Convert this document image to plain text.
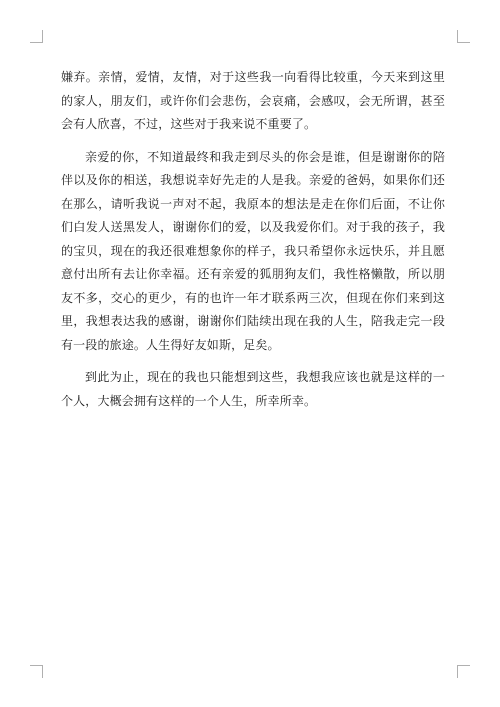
嫌弃。亲情，爱情，友情，对于这些我一向看得比较重，今天来到这里的家人，朋友们，或许你们会悲伤，会哀痛，会感叹，会无所谓，甚至会有人欣喜，不过，这些对于我来说不重要了。

亲爱的你，不知道最终和我走到尽头的你会是谁，但是谢谢你的陪伴以及你的相送，我想说幸好先走的人是我。亲爱的爸妈，如果你们还在那么，请听我说一声对不起，我原本的想法是走在你们后面，不让你们白发人送黑发人，谢谢你们的爱，以及我爱你们。对于我的孩子，我的宝贝，现在的我还很难想象你的样子，我只希望你永远快乐，并且愿意付出所有去让你幸福。还有亲爱的狐朋狗友们，我性格懒散，所以朋友不多，交心的更少，有的也许一年才联系两三次，但现在你们来到这里，我想表达我的感谢，谢谢你们陆续出现在我的人生，陪我走完一段有一段的旅途。人生得好友如斯，足矣。

到此为止，现在的我也只能想到这些，我想我应该也就是这样的一个人，大概会拥有这样的一个人生，所幸所幸。
